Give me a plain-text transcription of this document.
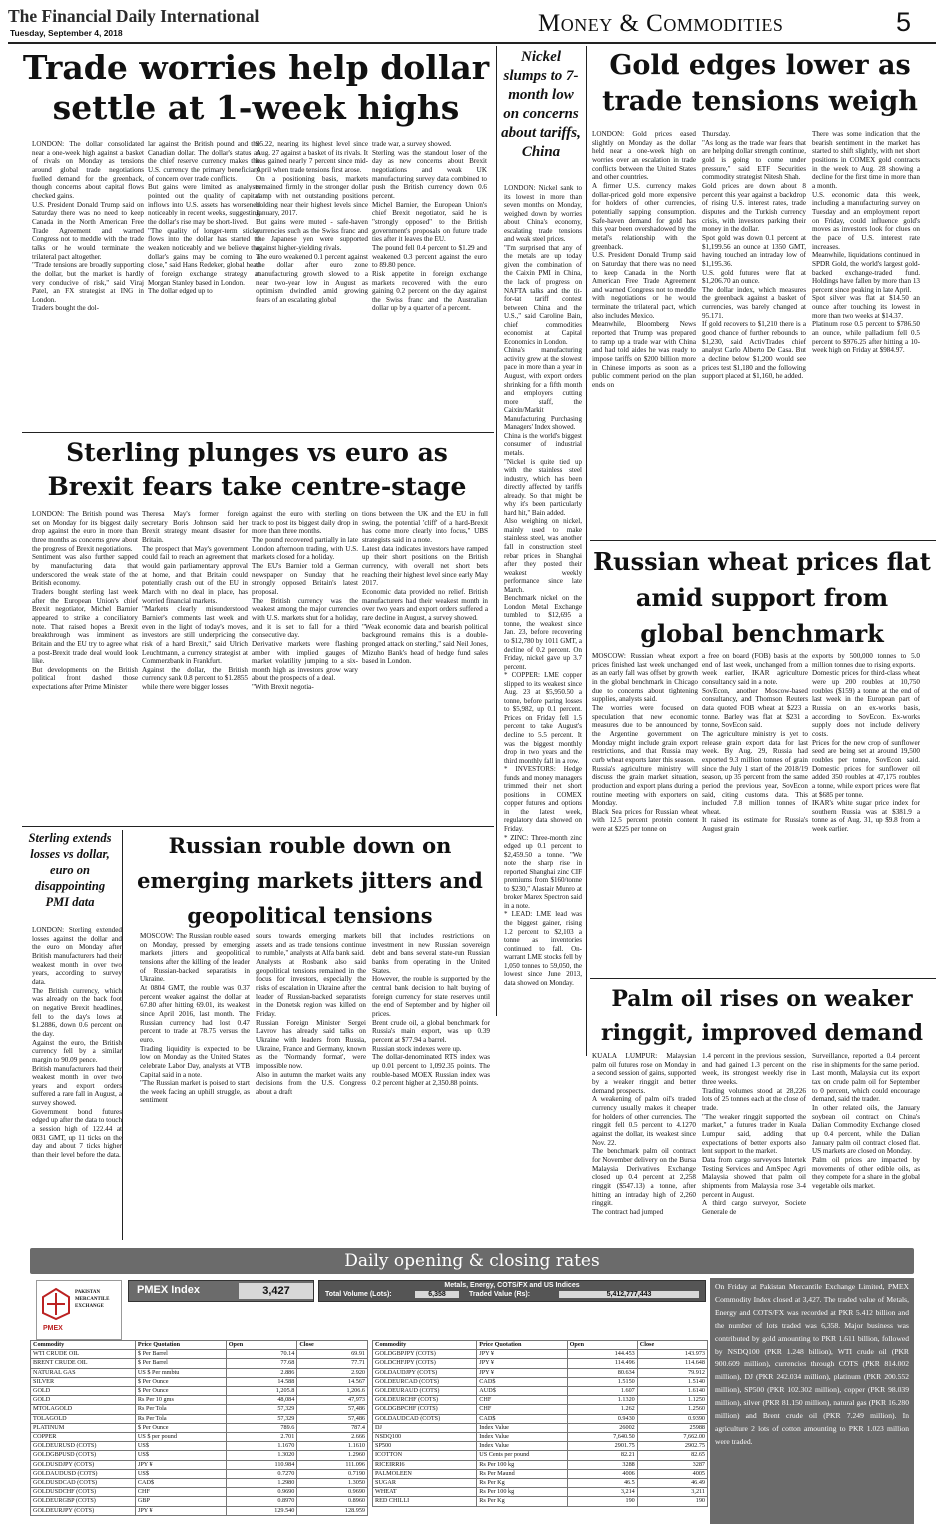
The Financial Daily International
Tuesday, September 4, 2018	Money & Commodities	5
Trade worries help dollar settle at 1-week highs
LONDON: The dollar consolidated near a one-week high against a basket of rivals on Monday as tensions around global trade negotiations fuelled demand for the greenback, though concerns about capital flows checked gains.
U.S. President Donald Trump said on Saturday there was no need to keep Canada in the North American Free Trade Agreement and warned Congress not to meddle with the trade talks or he would terminate the trilateral pact altogether.
"Trade tensions are broadly supporting the dollar, but the market is hardly very conducive of risk," said Viraj Patel, an FX strategist at ING in London.
Traders bought the dol-
lar against the British pound and the Canadian dollar. The dollar's status as the chief reserve currency makes the U.S. currency the primary beneficiary of concern over trade conflicts.
But gains were limited as analysts pointed out the quality of capital inflows into U.S. assets has worsened noticeably in recent weeks, suggesting the dollar's rise may be short-lived.
"The quality of longer-term sticky flows into the dollar has started to weaken noticeably and we believe the dollar's gains may be coming to a close," said Hans Redeker, global head of foreign exchange strategy at Morgan Stanley based in London.
The dollar edged up to
95.22, nearing its highest level since Aug. 27 against a basket of its rivals. It has gained nearly 7 percent since mid-April when trade tensions first arose.
On a positioning basis, markets remained firmly in the stronger dollar camp with net outstanding positions holding near their highest levels since January, 2017.
But gains were muted - safe-haven currencies such as the Swiss franc and the Japanese yen were supported against higher-yielding rivals.
The euro weakened 0.1 percent against the dollar after euro zone manufacturing growth slowed to a near two-year low in August as optimism dwindled amid growing fears of an escalating global
trade war, a survey showed.
Sterling was the standout loser of the day as new concerns about Brexit negotiations and weak UK manufacturing survey data combined to push the British currency down 0.6 percent.
Michel Barnier, the European Union's chief Brexit negotiator, said he is "strongly opposed" to the British government's proposals on future trade ties after it leaves the EU.
The pound fell 0.4 percent to $1.29 and weakened 0.3 percent against the euro to 89.80 pence.
Risk appetite in foreign exchange markets recovered with the euro gaining 0.2 percent on the day against the Swiss franc and the Australian dollar up by a quarter of a percent.
Nickel slumps to 7-month low on concerns about tariffs, China
LONDON: Nickel sank to its lowest in more than seven months on Monday, weighed down by worries about China's economy, escalating trade tensions and weak steel prices.
"I'm surprised that any of the metals are up today given the combination of the Caixin PMI in China, the lack of progress on NAFTA talks and the tit-for-tat tariff contest between China and the U.S.," said Caroline Bain, chief commodities economist at Capital Economics in London.
China's manufacturing activity grew at the slowest pace in more than a year in August, with export orders shrinking for a fifth month and employers cutting more staff, the Caixin/Markit Manufacturing Purchasing Managers' Index showed.
China is the world's biggest consumer of industrial metals.
"Nickel is quite tied up with the stainless steel industry, which has been directly affected by tariffs already. So that might be why it's been particularly hard hit," Bain added.
Also weighing on nickel, mainly used to make stainless steel, was another fall in construction steel rebar prices in Shanghai after they posted their weakest weekly performance since late March.
Benchmark nickel on the London Metal Exchange tumbled to $12,695 a tonne, the weakest since Jan. 23, before recovering to $12,780 by 1011 GMT, a decline of 0.2 percent. On Friday, nickel gave up 3.7 percent.
* COPPER: LME copper slipped to its weakest since Aug. 23 at $5,950.50 a tonne, before paring losses to $5,982, up 0.1 percent. Prices on Friday fell 1.5 percent to take August's decline to 5.5 percent. It was the biggest monthly drop in two years and the third monthly fall in a row.
* INVESTORS: Hedge funds and money managers trimmed their net short positions in COMEX copper futures and options in the latest week, regulatory data showed on Friday.
* ZINC: Three-month zinc edged up 0.1 percent to $2,459.50 a tonne. "We note the sharp rise in reported Shanghai zinc CIF premiums from $160/tonne to $230," Alastair Munro at broker Marex Spectron said in a note.
* LEAD: LME lead was the biggest gainer, rising 1.2 percent to $2,103 a tonne as inventories continued to fall. On-warrant LME stocks fell by 1,050 tonnes to 59,050, the lowest since June 2013, data showed on Monday.
Gold edges lower as trade tensions weigh
LONDON: Gold prices eased slightly on Monday as the dollar held near a one-week high on worries over an escalation in trade conflicts between the United States and other countries.
A firmer U.S. currency makes dollar-priced gold more expensive for holders of other currencies, potentially sapping consumption. Safe-haven demand for gold has this year been overshadowed by the metal's relationship with the greenback.
U.S. President Donald Trump said on Saturday that there was no need to keep Canada in the North American Free Trade Agreement and warned Congress not to meddle with negotiations or he would terminate the trilateral pact, which also includes Mexico.
Meanwhile, Bloomberg News reported that Trump was prepared to ramp up a trade war with China and had told aides he was ready to impose tariffs on $200 billion more in Chinese imports as soon as a public comment period on the plan ends on
Thursday.
"As long as the trade war fears that are helping dollar strength continue, gold is going to come under pressure," said ETF Securities commodity strategist Nitesh Shah.
Gold prices are down about 8 percent this year against a backdrop of rising U.S. interest rates, trade disputes and the Turkish currency crisis, with investors parking their money in the dollar.
Spot gold was down 0.1 percent at $1,199.56 an ounce at 1350 GMT, having touched an intraday low of $1,195.36.
U.S. gold futures were flat at $1,206.70 an ounce.
The dollar index, which measures the greenback against a basket of currencies, was barely changed at 95.171.
If gold recovers to $1,210 there is a good chance of further rebounds to $1,230, said ActivTrades chief analyst Carlo Alberto De Casa. But a decline below $1,200 would see prices test $1,180 and the following support placed at $1,160, he added.
There was some indication that the bearish sentiment in the market has started to shift slightly, with net short positions in COMEX gold contracts in the week to Aug. 28 showing a decline for the first time in more than a month.
U.S. economic data this week, including a manufacturing survey on Tuesday and an employment report on Friday, could influence gold's moves as investors look for clues on the pace of U.S. interest rate increases.
Meanwhile, liquidations continued in SPDR Gold, the world's largest gold-backed exchange-traded fund. Holdings have fallen by more than 13 percent since peaking in late April.
Spot silver was flat at $14.50 an ounce after touching its lowest in more than two weeks at $14.37.
Platinum rose 0.5 percent to $786.50 an ounce, while palladium fell 0.5 percent to $976.25 after hitting a 10-week high on Friday at $984.97.
Sterling plunges vs euro as Brexit fears take centre-stage
LONDON: The British pound was set on Monday for its biggest daily drop against the euro in more than three months as concerns grew about the progress of Brexit negotiations.
Sentiment was also further sapped by manufacturing data that underscored the weak state of the British economy.
Traders bought sterling last week after the European Union's chief Brexit negotiator, Michel Barnier appeared to strike a conciliatory note. That raised hopes a Brexit breakthrough was imminent as Britain and the EU try to agree what a post-Brexit trade deal would look like.
But developments on the British political front dashed those expectations after Prime Minister
Theresa May's former foreign secretary Boris Johnson said her Brexit strategy meant disaster for Britain.
The prospect that May's government could fail to reach an agreement that would gain parliamentary approval at home, and that Britain could potentially crash out of the EU in March with no deal in place, has worried financial markets.
"Markets clearly misunderstood Barnier's comments last week and even in the light of today's moves, investors are still underpricing the risk of a hard Brexit," said Ulrich Leuchtmann, a currency strategist at Commerzbank in Frankfurt.
Against the dollar, the British currency sank 0.8 percent to $1.2855 while there were bigger losses
against the euro with sterling on track to post its biggest daily drop in more than three months.
The pound recovered partially in late London afternoon trading, with U.S. markets closed for a holiday.
The EU's Barnier told a German newspaper on Sunday that he strongly opposed Britain's latest proposal.
The British currency was the weakest among the major currencies with U.S. markets shut for a holiday, and it is set to fall for a third consecutive day.
Derivative markets were flashing amber with implied gauges of market volatility jumping to a six-month high as investors grow wary about the prospects of a deal.
"With Brexit negotia-
tions between the UK and the EU in full swing, the potential 'cliff' of a hard-Brexit has come more clearly into focus," UBS strategists said in a note.
Latest data indicates investors have ramped up their short positions on the British currency, with overall net short bets reaching their highest level since early May 2017.
Economic data provided no relief. British manufacturers had their weakest month in over two years and export orders suffered a rare decline in August, a survey showed.
"Weak economic data and bearish political background remains this is a double-pronged attack on sterling," said Neil Jones, Mizuho Bank's head of hedge fund sales based in London.
Sterling extends losses vs dollar, euro on disappointing PMI data
LONDON: Sterling extended losses against the dollar and the euro on Monday after British manufacturers had their weakest month in over two years, according to survey data.
The British currency, which was already on the back foot on negative Brexit headlines, fell to the day's lows at $1.2886, down 0.6 percent on the day.
Against the euro, the British currency fell by a similar margin to 90.09 pence.
British manufacturers had their weakest month in over two years and export orders suffered a rare fall in August, a survey showed.
Government bond futures edged up after the data to touch a session high of 122.44 at 0831 GMT, up 11 ticks on the day and about 7 ticks higher than their level before the data.
Russian rouble down on emerging markets jitters and geopolitical tensions
MOSCOW: The Russian rouble eased on Monday, pressed by emerging markets jitters and geopolitical tensions after the killing of the leader of Russian-backed separatists in Ukraine.
At 0804 GMT, the rouble was 0.37 percent weaker against the dollar at 67.80 after hitting 69.01, its weakest since April 2016, last month. The Russian currency had lost 0.47 percent to trade at 78.75 versus the euro.
Trading liquidity is expected to be low on Monday as the United States celebrate Labor Day, analysts at VTB Capital said in a note.
"The Russian market is poised to start the week facing an uphill struggle, as sentiment
sours towards emerging markets assets and as trade tensions continue to rumble," analysts at Alfa bank said.
Analysts at Rosbank also said geopolitical tensions remained in the focus for investors, especially the risks of escalation in Ukraine after the leader of Russian-backed separatists in the Donetsk region was killed on Friday.
Russian Foreign Minister Sergei Lavrov has already said talks on Ukraine with leaders from Russia, Ukraine, France and Germany, known as the 'Normandy format', were impossible now.
Also in autumn the market waits any decisions from the U.S. Congress about a draft
bill that includes restrictions on investment in new Russian sovereign debt and bans several state-run Russian banks from operating in the United States.
However, the rouble is supported by the central bank decision to halt buying of foreign currency for state reserves until the end of September and by higher oil prices.
Brent crude oil, a global benchmark for Russia's main export, was up 0.39 percent at $77.94 a barrel.
Russian stock indexes were up.
The dollar-denominated RTS index was up 0.01 percent to 1,092.35 points. The rouble-based MOEX Russian index was 0.2 percent higher at 2,350.88 points.
Russian wheat prices flat amid support from global benchmark
MOSCOW: Russian wheat export prices finished last week unchanged as an early fall was offset by growth in the global benchmark in Chicago due to concerns about tightening supplies, analysts said.
The worries were focused on speculation that new economic measures due to be announced by the Argentine government on Monday might include grain export restrictions, and that Russia may curb wheat exports later this season.
Russia's agriculture ministry will discuss the grain market situation, production and export plans during a routine meeting with exporters on Monday.
Black Sea prices for Russian wheat with 12.5 percent protein content were at $225 per tonne on
a free on board (FOB) basis at the end of last week, unchanged from a week earlier, IKAR agriculture consultancy said in a note.
SovEcon, another Moscow-based consultancy, and Thomson Reuters data quoted FOB wheat at $223 a tonne. Barley was flat at $231 a tonne, SovEcon said.
The agriculture ministry is yet to release grain export data for last week. By Aug. 29, Russia had exported 9.3 million tonnes of grain since the July 1 start of the 2018/19 season, up 35 percent from the same period the previous year, SovEcon said, citing customs data. This included 7.8 million tonnes of wheat.
It raised its estimate for Russia's August grain
exports by 500,000 tonnes to 5.0 million tonnes due to rising exports.
Domestic prices for third-class wheat were up 200 roubles at 10,750 roubles ($159) a tonne at the end of last week in the European part of Russia on an ex-works basis, according to SovEcon. Ex-works supply does not include delivery costs.
Prices for the new crop of sunflower seed are being set at around 19,500 roubles per tonne, SovEcon said. Domestic prices for sunflower oil added 350 roubles at 47,175 roubles a tonne, while export prices were flat at $685 per tonne.
IKAR's white sugar price index for southern Russia was at $381.9 a tonne as of Aug. 31, up $9.8 from a week earlier.
Palm oil rises on weaker ringgit, improved demand
KUALA LUMPUR: Malaysian palm oil futures rose on Monday in a second session of gains, supported by a weaker ringgit and better demand prospects.
A weakening of palm oil's traded currency usually makes it cheaper for holders of other currencies. The ringgit fell 0.5 percent to 4.1270 against the dollar, its weakest since Nov. 22.
The benchmark palm oil contract for November delivery on the Bursa Malaysia Derivatives Exchange closed up 0.4 percent at 2,258 ringgit ($547.13) a tonne, after hitting an intraday high of 2,260 ringgit.
The contract had jumped
1.4 percent in the previous session, and had gained 1.3 percent on the week, its strongest weekly rise in three weeks.
Trading volumes stood at 28,226 lots of 25 tonnes each at the close of trade.
"The weaker ringgit supported the market," a futures trader in Kuala Lumpur said, adding that expectations of better exports also lent support to the market.
Data from cargo surveyors Intertek Testing Services and AmSpec Agri Malaysia showed that palm oil shipments from Malaysia rose 3-4 percent in August.
A third cargo surveyor, Societe Generale de
Surveillance, reported a 0.4 percent rise in shipments for the same period.
Last month, Malaysia cut its export tax on crude palm oil for September to 0 percent, which could encourage demand, said the trader.
In other related oils, the January soybean oil contract on China's Dalian Commodity Exchange closed up 0.4 percent, while the Dalian January palm oil contract closed flat. US markets are closed on Monday.
Palm oil prices are impacted by movements of other edible oils, as they compete for a share in the global vegetable oils market.
Daily opening & closing rates
PAKISTAN MERCANTILE EXCHANGE
PMEX
PMEX Index	3,427	Metals, Energy, COTS/FX and US Indices
Total Volume (Lots):	6,358	Traded Value (Rs):	5,412,777,443
Commodity	Price Quotation	Open	Close
WTI CRUDE OIL	$ Per Barrel	70.14	69.91
BRENT CRUDE OIL	$ Per Barrel	77.68	77.71
NATURAL GAS	US $ Per mmbtu	2.886	2.920
SILVER	$ Per Ounce	14.588	14.567
GOLD	$ Per Ounce	1,205.8	1,206.6
GOLD	Rs Per 10 gms	48,084	47,973
MTOLAGOLD	Rs Per Tola	57,329	57,486
TOLAGOLD	Rs Per Tola	57,329	57,486
PLATINUM	$ Per Ounce	789.6	787.4
COPPER	US $ per pound	2.701	2.666
GOLDEURUSD (COTS)	US$	1.1670	1.1610
GOLDGBPUSD (COTS)	US$	1.3020	1.2960
GOLDUSDJPY (COTS)	JPY ¥	110.984	111.096
GOLDAUDUSD (COTS)	US$	0.7270	0.7190
GOLDUSDCAD (COTS)	CAD$	1.2980	1.3050
GOLDUSDCHF (COTS)	CHF	0.9690	0.9690
GOLDEURGBP (COTS)	GBP	0.8970	0.8960
GOLDEURJPY (COTS)	JPY ¥	129.540	128.959
Commodity	Price Quotation	Open	Close
GOLDGBPJPY (COTS)	JPY ¥	144.453	143.973
GOLDCHFJPY (COTS)	JPY ¥	114.496	114.648
GOLDAUDJPY (COTS)	JPY ¥	80.634	79.912
GOLDEURCAD (COTS)	CAD$	1.5150	1.5140
GOLDEURAUD (COTS)	AUD$	1.607	1.6140
GOLDEURCHF (COTS)	CHF	1.1320	1.1250
GOLDGBPCHF (COTS)	CHF	1.262	1.2560
GOLDAUDCAD (COTS)	CAD$	0.9430	0.9390
DJ	Index Value	26002	25988
NSDQ100	Index Value	7,640.50	7,662.00
SP500	Index Value	2901.75	2902.75
ICOTTON	US Cents per pound	82.21	82.65
RICEIRRI6	Rs Per 100 kg	3288	3287
PALMOLEEN	Rs Per Maund	4006	4005
SUGAR	Rs Per Kg	46.5	46.49
WHEAT	Rs Per 100 kg	3,214	3,211
RED CHILLI	Rs Per Kg	190	190
On Friday at Pakistan Mercantile Exchange Limited, PMEX Commodity Index closed at 3,427. The traded value of Metals, Energy and COTS/FX was recorded at PKR 5.412 billion and the number of lots traded was 6,358. Major business was contributed by gold amounting to PKR 1.611 billion, followed by NSDQ100 (PKR 1.248 billion), WTI crude oil (PKR 900.609 million), currencies through COTS (PKR 814.002 million), DJ (PKR 242.034 million), platinum (PKR 200.552 million), SP500 (PKR 102.302 million), copper (PKR 98.039 million), silver (PKR 81.150 million), natural gas (PKR 16.280 million) and Brent crude oil (PKR 7.249 million). In agriculture 2 lots of cotton amounting to PKR 1.023 million were traded.
